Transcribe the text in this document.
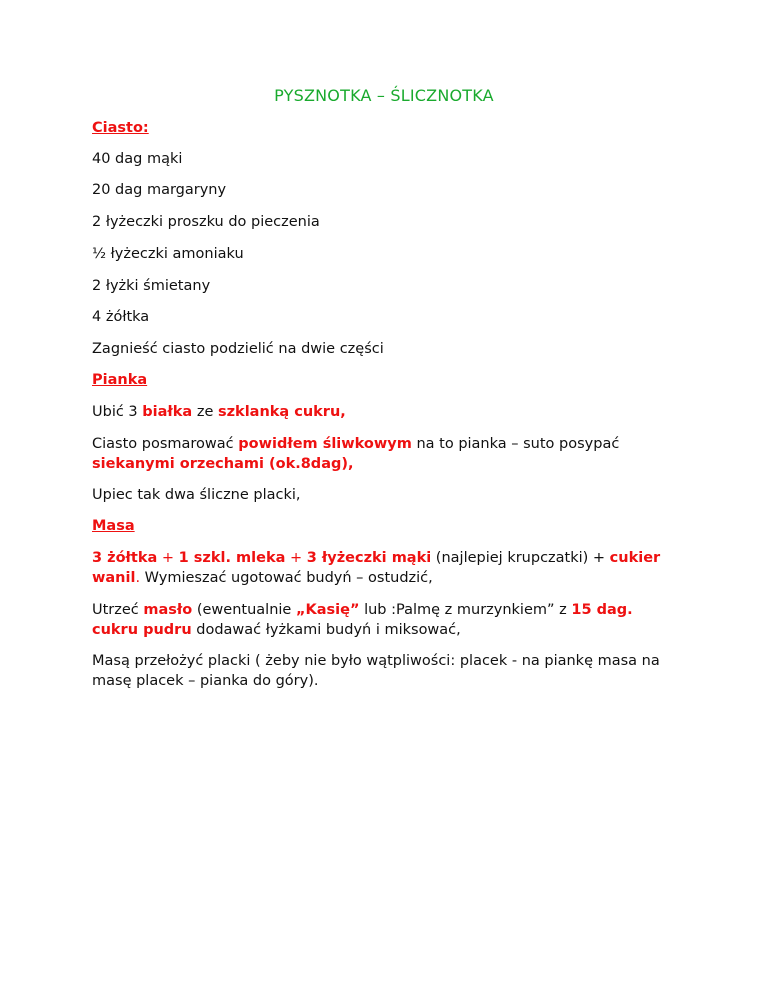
PYSZNOTKA – ŚLICZNOTKA

Ciasto:

40 dag mąki

20 dag margaryny

2 łyżeczki proszku do pieczenia

½ łyżeczki amoniaku

2 łyżki śmietany

4 żółtka

Zagnieść ciasto podzielić na dwie części

Pianka

Ubić 3 białka ze szklanką cukru,

Ciasto posmarować powidłem śliwkowym na to pianka – suto posypać siekanymi orzechami (ok.8dag),

Upiec tak dwa śliczne placki,

Masa

3 żółtka + 1 szkl. mleka + 3 łyżeczki mąki (najlepiej krupczatki) + cukier wanil. Wymieszać ugotować budyń – ostudzić,

Utrzeć masło (ewentualnie „Kasię” lub :Palmę z murzynkiem” z 15 dag. cukru pudru dodawać łyżkami budyń i miksować,

Masą przełożyć placki ( żeby nie było wątpliwości: placek - na piankę masa na masę placek – pianka do góry).
